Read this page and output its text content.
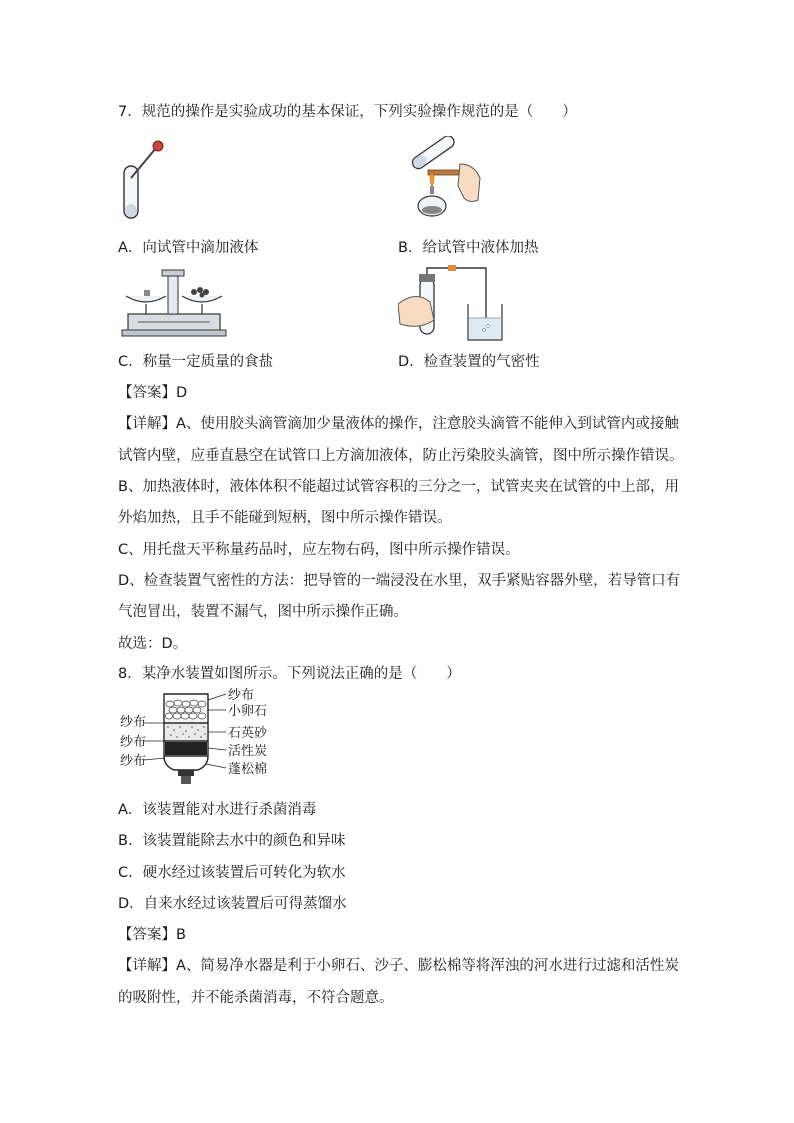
7．规范的操作是实验成功的基本保证，下列实验操作规范的是（　　）
A．向试管中滴加液体	B．给试管中液体加热
C．称量一定质量的食盐	D．检查装置的气密性
【答案】D
【详解】A、使用胶头滴管滴加少量液体的操作，注意胶头滴管不能伸入到试管内或接触
试管内壁，应垂直悬空在试管口上方滴加液体，防止污染胶头滴管，图中所示操作错误。
B、加热液体时，液体体积不能超过试管容积的三分之一，试管夹夹在试管的中上部，用
外焰加热，且手不能碰到短柄，图中所示操作错误。
C、用托盘天平称量药品时，应左物右码，图中所示操作错误。
D、检查装置气密性的方法：把导管的一端浸没在水里，双手紧贴容器外壁，若导管口有
气泡冒出，装置不漏气，图中所示操作正确。
故选：D。
8．某净水装置如图所示。下列说法正确的是（　　）
纱布
小卵石
石英砂
活性炭
蓬松棉
纱布
纱布
纱布
A．该装置能对水进行杀菌消毒
B．该装置能除去水中的颜色和异味
C．硬水经过该装置后可转化为软水
D．自来水经过该装置后可得蒸馏水
【答案】B
【详解】A、简易净水器是利于小卵石、沙子、膨松棉等将浑浊的河水进行过滤和活性炭
的吸附性，并不能杀菌消毒，不符合题意。
